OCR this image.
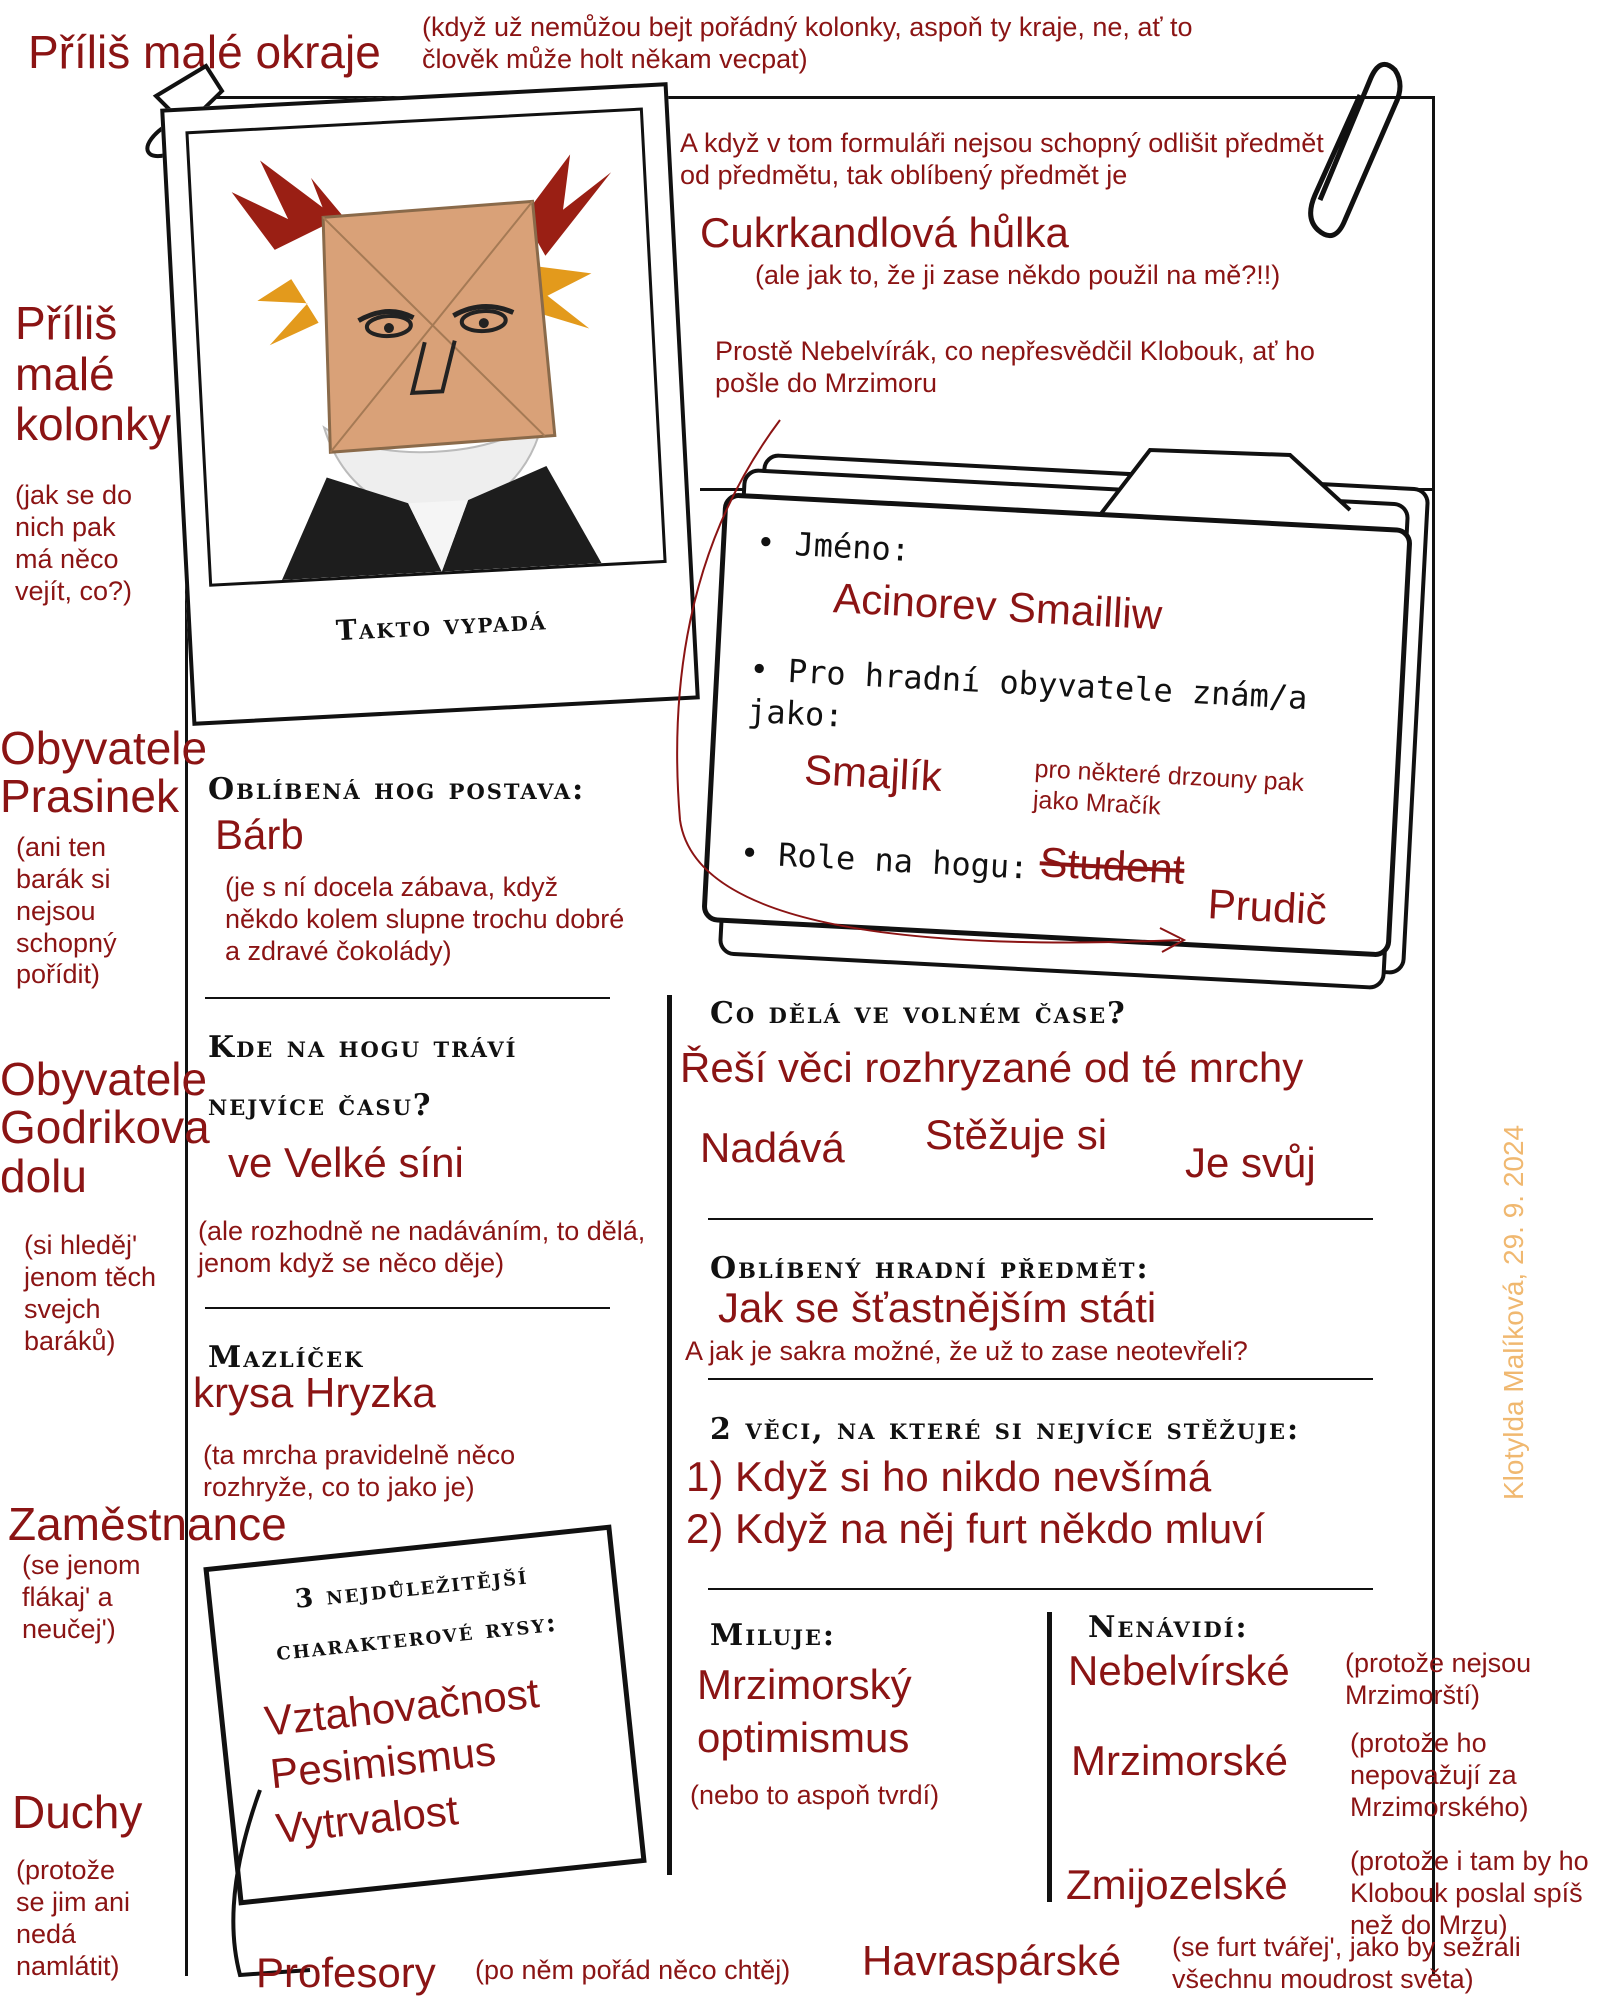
Příliš malé okraje (když už nemůžou bejt pořádný kolonky, aspoň ty kraje, ne, ať to člověk může holt někam vecpat)
Takto vypadá
A když v tom formuláři nejsou schopný odlišit předmět od předmětu, tak oblíbený předmět je
Cukrkandlová hůlka
(ale jak to, že ji zase někdo použil na mě?!!)
Prostě Nebelvírák, co nepřesvědčil Klobouk, ať ho pošle do Mrzimoru
• Jméno:
Acinorev Smailliw
• Pro hradní obyvatele znám/a jako:
Smajlík	pro některé drzouny pak jako Mračík
• Role na hogu: Student
Prudič
Příliš malé kolonky
(jak se do nich pak má něco vejít, co?)
Obyvatele Prasinek
(ani ten barák si nejsou schopný pořídit)
Obyvatele Godrikova dolu
(si hleděj' jenom těch svejch baráků)
Zaměstnance
(se jenom flákaj' a neučej')
Duchy
(protože se jim ani nedá namlátit)
Oblíbená hog postava:
Bárb
(je s ní docela zábava, když někdo kolem slupne trochu dobré a zdravé čokolády)
Kde na hogu tráví
nejvíce času?
ve Velké síni
(ale rozhodně ne nadáváním, to dělá, jenom když se něco děje)
Mazlíček
krysa Hryzka
(ta mrcha pravidelně něco rozhryže, co to jako je)
3 nejdůležitější
charakterové rysy:
Vztahovačnost
Pesimismus
Vytrvalost
Co dělá ve volném čase?
Řeší věci rozhryzané od té mrchy
Nadává Stěžuje si
Je svůj
Oblíbený hradní předmět:
Jak se šťastnějším státi
A jak je sakra možné, že už to zase neotevřeli?
2 věci, na které si nejvíce stěžuje:
1) Když si ho nikdo nevšímá
2) Když na něj furt někdo mluví
Miluje:
Mrzimorský
optimismus
(nebo to aspoň tvrdí)
Nenávidí:
Nebelvírské (protože nejsou Mrzimorští)
Mrzimorské (protože ho nepovažují za Mrzimorského)
Zmijozelské (protože i tam by ho Klobouk poslal spíš než do Mrzu)
Profesory (po něm pořád něco chtěj) Havraspárské (se furt tvářej', jako by sežrali všechnu moudrost světa)
Klotylda Malíková, 29. 9. 2024
